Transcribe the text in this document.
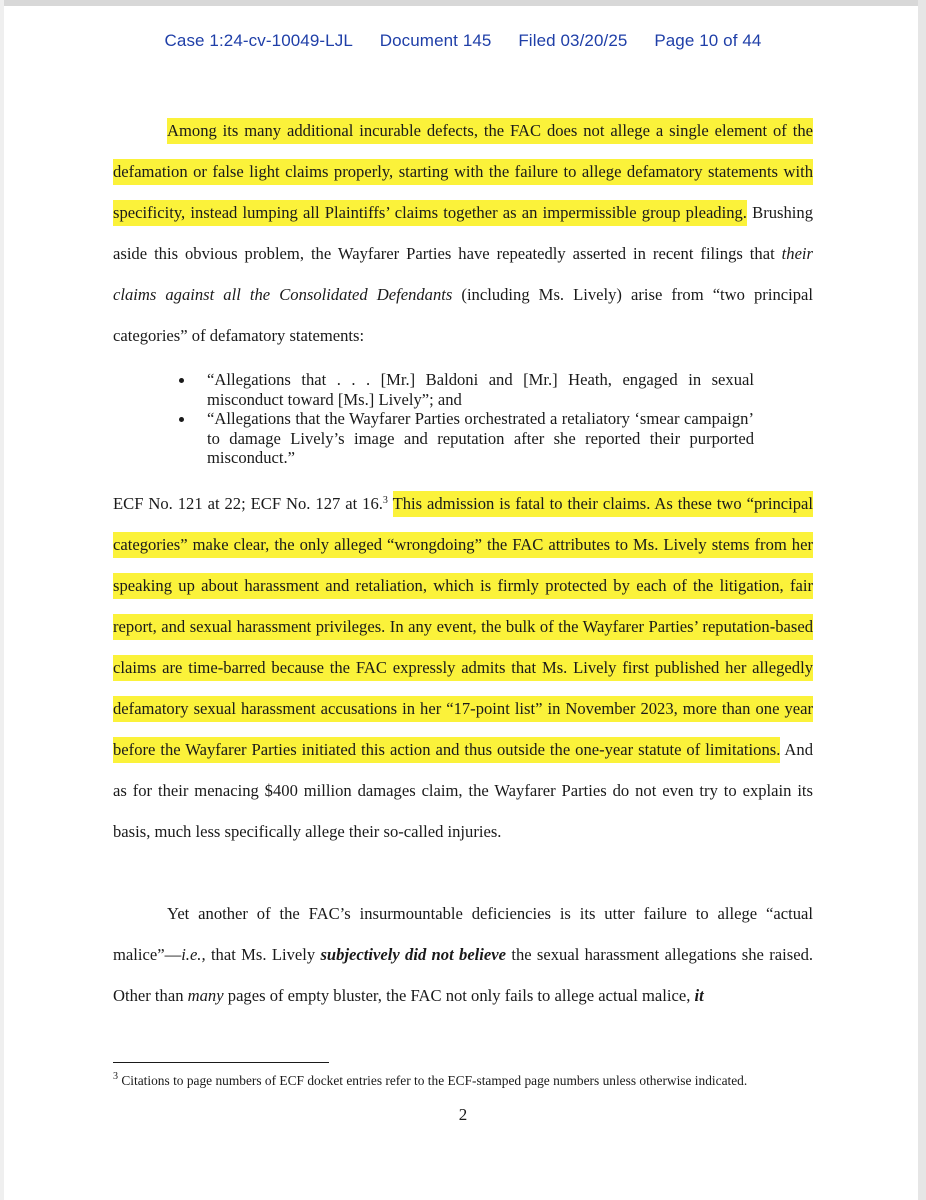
Case 1:24-cv-10049-LJL Document 145 Filed 03/20/25 Page 10 of 44

Among its many additional incurable defects, the FAC does not allege a single element of the defamation or false light claims properly, starting with the failure to allege defamatory statements with specificity, instead lumping all Plaintiffs’ claims together as an impermissible group pleading. Brushing aside this obvious problem, the Wayfarer Parties have repeatedly asserted in recent filings that their claims against all the Consolidated Defendants (including Ms. Lively) arise from “two principal categories” of defamatory statements:

“Allegations that . . . [Mr.] Baldoni and [Mr.] Heath, engaged in sexual misconduct toward [Ms.] Lively”; and
“Allegations that the Wayfarer Parties orchestrated a retaliatory ‘smear campaign’ to damage Lively’s image and reputation after she reported their purported misconduct.”

ECF No. 121 at 22; ECF No. 127 at 16.$^3$ This admission is fatal to their claims. As these two “principal categories” make clear, the only alleged “wrongdoing” the FAC attributes to Ms. Lively stems from her speaking up about harassment and retaliation, which is firmly protected by each of the litigation, fair report, and sexual harassment privileges. In any event, the bulk of the Wayfarer Parties’ reputation-based claims are time-barred because the FAC expressly admits that Ms. Lively first published her allegedly defamatory sexual harassment accusations in her “17-point list” in November 2023, more than one year before the Wayfarer Parties initiated this action and thus outside the one-year statute of limitations. And as for their menacing $400 million damages claim, the Wayfarer Parties do not even try to explain its basis, much less specifically allege their so-called injuries.

Yet another of the FAC’s insurmountable deficiencies is its utter failure to allege “actual malice”—i.e., that Ms. Lively subjectively did not believe the sexual harassment allegations she raised. Other than many pages of empty bluster, the FAC not only fails to allege actual malice, it

$^3$ Citations to page numbers of ECF docket entries refer to the ECF-stamped page numbers unless otherwise indicated.
2
